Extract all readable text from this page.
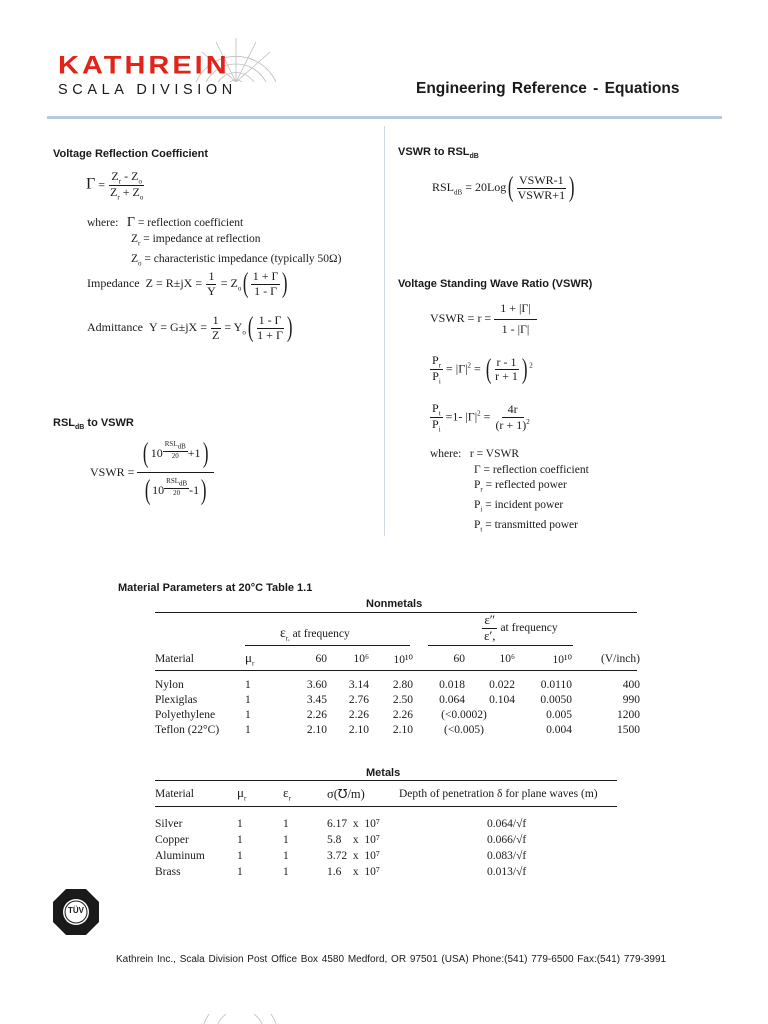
KATHREIN
SCALA DIVISION	Engineering Reference - Equations
Voltage Reflection Coefficient
$\Gamma = \frac{Z_r - Z_o}{Z_r + Z_o}$
where: Γ = reflection coefficient
$Z_r$ = impedance at reflection
$Z_o$ = characteristic impedance (typically 50Ω)
Impedance $Z = R\pm jX = \frac{1}{Y} = Z_o( \frac{1 + \Gamma}{1 - \Gamma}$ )
Admittance $Y = G\pm jX = \frac{1}{Z} = Y_o( \frac{1 - \Gamma}{1 + \Gamma}$ )
$RSL_{dB}$ to VSWR
VSWR = ( 10 $^{\frac{RSL_{dB}}{20}}$ +1)
( 10 $^{\frac{RSL_{dB}}{20}}$ -1)
VSWR to $RSL_{dB}$
$RSL_{dB} = 20Log( \frac{\text{VSWR-1}}{\text{VSWR+1}}$ )
Voltage Standing Wave Ratio (VSWR)
VSWR = $r = \frac{1 + |\Gamma|}{1 - |\Gamma|}$
$\frac{P_r}{P_i} = |\Gamma|^2$ = ( $\frac{r - 1}{r + 1}$ ) $^2$
$\frac{P_t}{P_i} =1-$ $|\Gamma|^2 = \frac{4r}{(r + 1)^2}$
where: r = VSWR
Γ = reflection coefficient
$P_r$ = reflected power
$P_i$ = incident power
$P_t$ = transmitted power
Material Parameters at 20°C Table 1.1
Nonmetals
$\varepsilon_{r,}$ at frequency	$\frac{\varepsilon''}{\varepsilon',}$ at frequency
Material	$\mu_r$	60	10⁶	10¹⁰	60	10⁶	10¹⁰	(V/inch)
Nylon	1	3.60	3.14	2.80	0.018	0.022	0.0110	400
Plexiglas	1	3.45	2.76	2.50	0.064	0.104	0.0050	990
Polyethylene	1	2.26	2.26	2.26	(<0.0002)		0.005	1200
Teflon (22°C)	1	2.10	2.10	2.10	(<0.005)		0.004	1500
Metals
Material	$\mu_r$	$\varepsilon_r$	σ(℧/m)	Depth of penetration δ for plane waves (m)
Silver	1	1	6.17  x  10⁷	0.064/√f
Copper	1	1	5.8    x  10⁷	0.066/√f
Aluminum	1	1	3.72  x  10⁷	0.083/√f
Brass	1	1	1.6    x  10⁷	0.013/√f
TÜV
Kathrein Inc., Scala Division Post Office Box 4580 Medford, OR 97501 (USA) Phone:(541) 779-6500 Fax:(541) 779-3991
